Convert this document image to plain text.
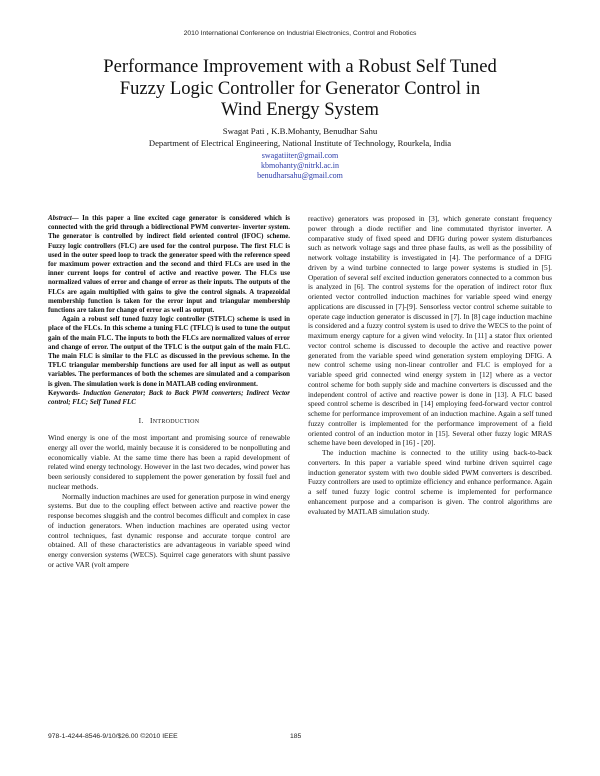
2010 International Conference on Industrial Electronics, Control and Robotics
Performance Improvement with a Robust Self Tuned
Fuzzy Logic Controller for Generator Control in
Wind Energy System
Swagat Pati , K.B.Mohanty, Benudhar Sahu
Department of Electrical Engineering, National Institute of Technology, Rourkela, India
swagatiiter@gmail.com
kbmohanty@nitrkl.ac.in
benudharsahu@gmail.com

Abstract— In this paper a line excited cage generator is considered which is connected with the grid through a bidirectional PWM converter- inverter system. The generator is controlled by indirect field oriented control (IFOC) scheme. Fuzzy logic controllers (FLC) are used for the control purpose. The first FLC is used in the outer speed loop to track the generator speed with the reference speed for maximum power extraction and the second and third FLCs are used in the inner current loops for control of active and reactive power. The FLCs use normalized values of error and change of error as their inputs. The outputs of the FLCs are again multiplied with gains to give the control signals. A trapezoidal membership function is taken for the error input and triangular membership functions are taken for change of error as well as output.

Again a robust self tuned fuzzy logic controller (STFLC) scheme is used in place of the FLCs. In this scheme a tuning FLC (TFLC) is used to tune the output gain of the main FLC. The inputs to both the FLCs are normalized values of error and change of error. The output of the TFLC is the output gain of the main FLC. The main FLC is similar to the FLC as discussed in the previous scheme. In the TFLC triangular membership functions are used for all input as well as output variables. The performances of both the schemes are simulated and a comparison is given. The simulation work is done in MATLAB coding environment.

Keywords- Induction Generator; Back to Back PWM converters; Indirect Vector control; FLC; Self Tuned FLC

I. INTRODUCTION

Wind energy is one of the most important and promising source of renewable energy all over the world, mainly because it is considered to be nonpolluting and economically viable. At the same time there has been a rapid development of related wind energy technology. However in the last two decades, wind power has been seriously considered to supplement the power generation by fossil fuel and nuclear methods.

Normally induction machines are used for generation purpose in wind energy systems. But due to the coupling effect between active and reactive power the response becomes sluggish and the control becomes difficult and complex in case of induction generators. When induction machines are operated using vector control techniques, fast dynamic response and accurate torque control are obtained. All of these characteristics are advantageous in variable speed wind energy conversion systems (WECS). Squirrel cage generators with shunt passive or active VAR (volt ampere

reactive) generators was proposed in [3], which generate constant frequency power through a diode rectifier and line commutated thyristor inverter. A comparative study of fixed speed and DFIG during power system disturbances such as network voltage sags and three phase faults, as well as the possibility of network voltage instability is investigated in [4]. The performance of a DFIG driven by a wind turbine connected to large power systems is studied in [5]. Operation of several self excited induction generators connected to a common bus is analyzed in [6]. The control systems for the operation of indirect rotor flux oriented vector controlled induction machines for variable speed wind energy applications are discussed in [7]-[9]. Sensorless vector control scheme suitable to operate cage induction generator is discussed in [7]. In [8] cage induction machine is considered and a fuzzy control system is used to drive the WECS to the point of maximum energy capture for a given wind velocity. In [11] a stator flux oriented vector control scheme is discussed to decouple the active and reactive power generated from the variable speed wind generation system employing DFIG. A new control scheme using non-linear controller and FLC is employed for a variable speed grid connected wind energy system in [12] where as a vector control scheme for both supply side and machine converters is discussed and the independent control of active and reactive power is done in [13]. A FLC based speed control scheme is described in [14] employing feed-forward vector control scheme for performance improvement of an induction machine. Again a self tuned fuzzy controller is implemented for the performance improvement of a field oriented control of an induction motor in [15]. Several other fuzzy logic MRAS scheme have been developed in [16] - [20].

The induction machine is connected to the utility using back-to-back converters. In this paper a variable speed wind turbine driven squirrel cage induction generator system with two double sided PWM converters is described. Fuzzy controllers are used to optimize efficiency and enhance performance. Again a self tuned fuzzy logic control scheme is implemented for performance enhancement purpose and a comparison is given. The control algorithms are evaluated by MATLAB simulation study.

978-1-4244-8546-9/10/$26.00 ©2010 IEEE	185
